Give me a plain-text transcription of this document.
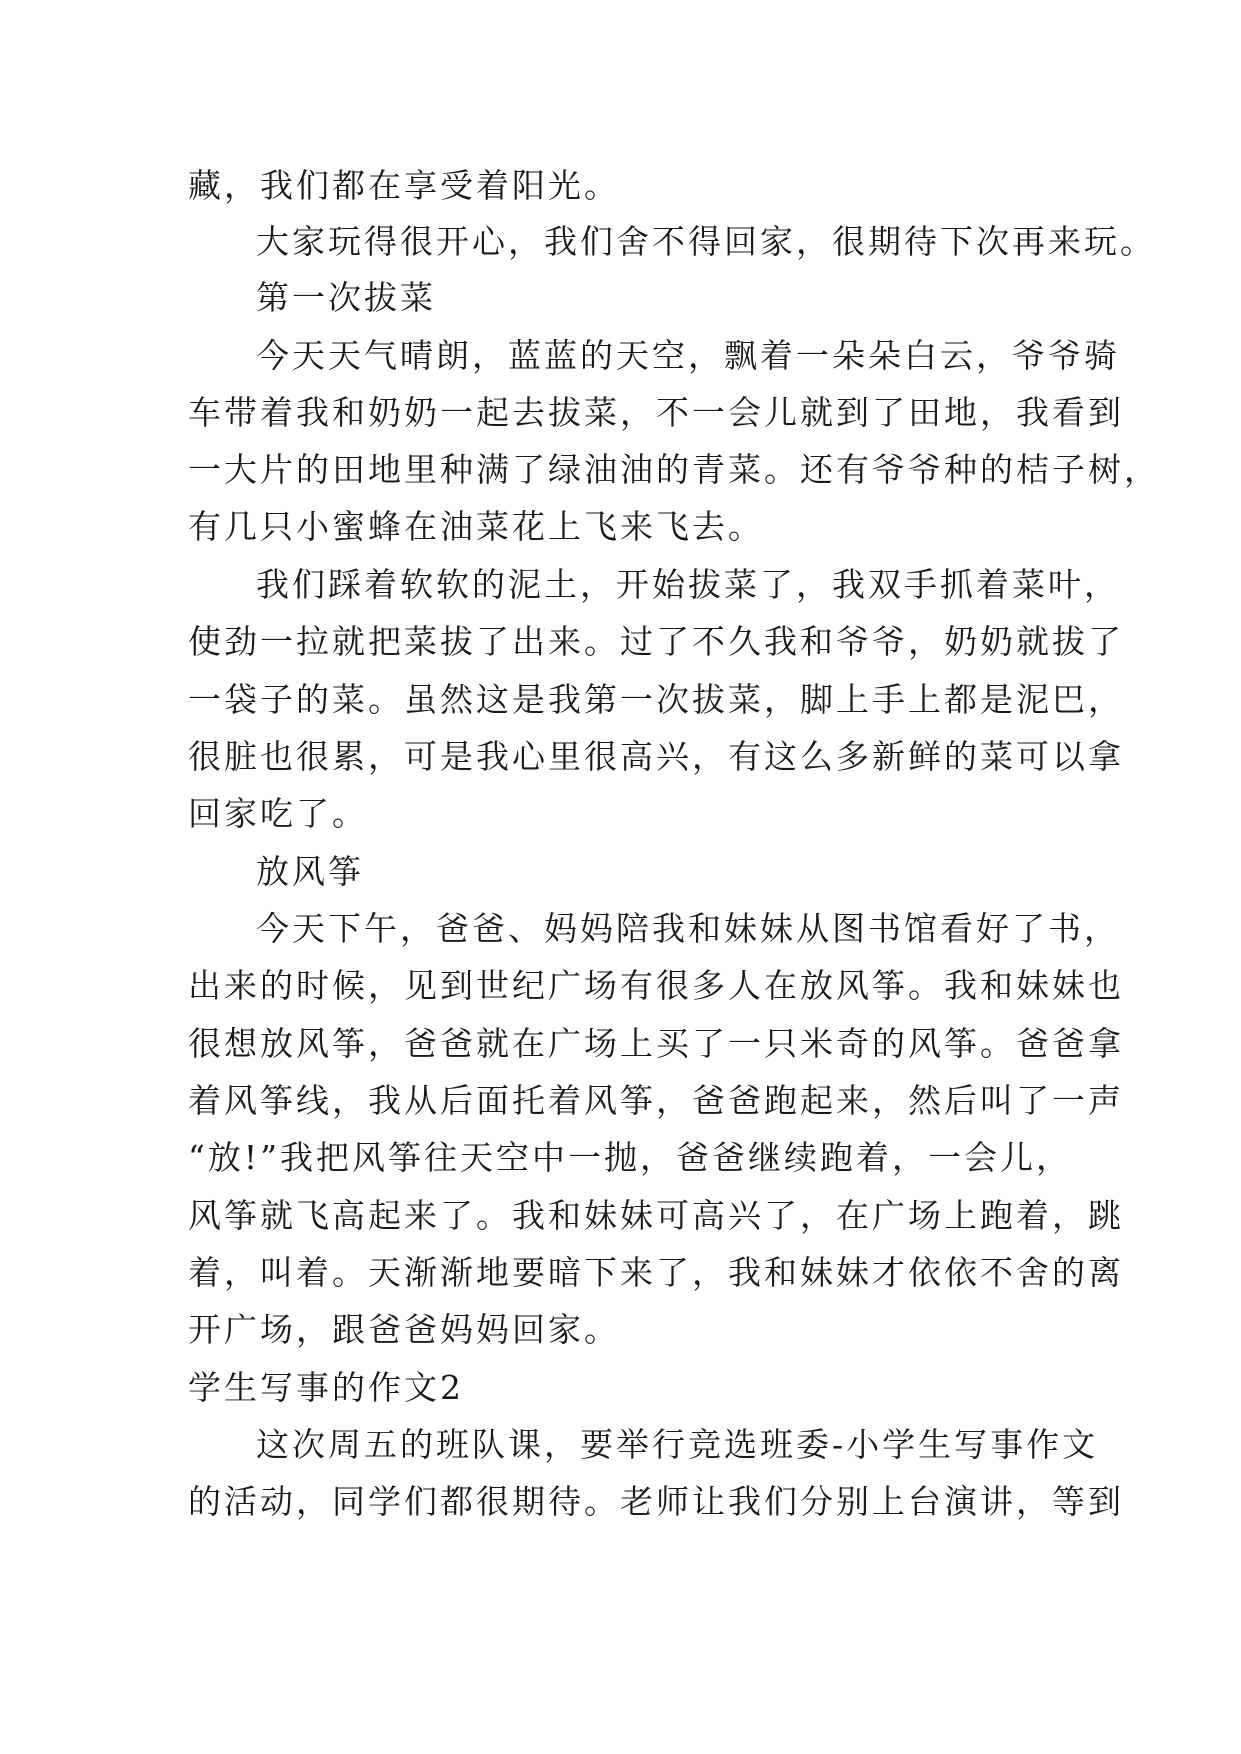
藏，我们都在享受着阳光。

大家玩得很开心，我们舍不得回家，很期待下次再来玩。

第一次拔菜

今天天气晴朗，蓝蓝的天空，飘着一朵朵白云，爷爷骑

车带着我和奶奶一起去拔菜，不一会儿就到了田地，我看到

一大片的田地里种满了绿油油的青菜。还有爷爷种的桔子树，

有几只小蜜蜂在油菜花上飞来飞去。

我们踩着软软的泥土，开始拔菜了，我双手抓着菜叶，

使劲一拉就把菜拔了出来。过了不久我和爷爷，奶奶就拔了

一袋子的菜。虽然这是我第一次拔菜，脚上手上都是泥巴，

很脏也很累，可是我心里很高兴，有这么多新鲜的菜可以拿

回家吃了。

放风筝

今天下午，爸爸、妈妈陪我和妹妹从图书馆看好了书，

出来的时候，见到世纪广场有很多人在放风筝。我和妹妹也

很想放风筝，爸爸就在广场上买了一只米奇的风筝。爸爸拿

着风筝线，我从后面托着风筝，爸爸跑起来，然后叫了一声

“放!”我把风筝往天空中一抛，爸爸继续跑着，一会儿，

风筝就飞高起来了。我和妹妹可高兴了，在广场上跑着，跳

着，叫着。天渐渐地要暗下来了，我和妹妹才依依不舍的离

开广场，跟爸爸妈妈回家。

学生写事的作文2

这次周五的班队课，要举行竞选班委-小学生写事作文

的活动，同学们都很期待。老师让我们分别上台演讲，等到
